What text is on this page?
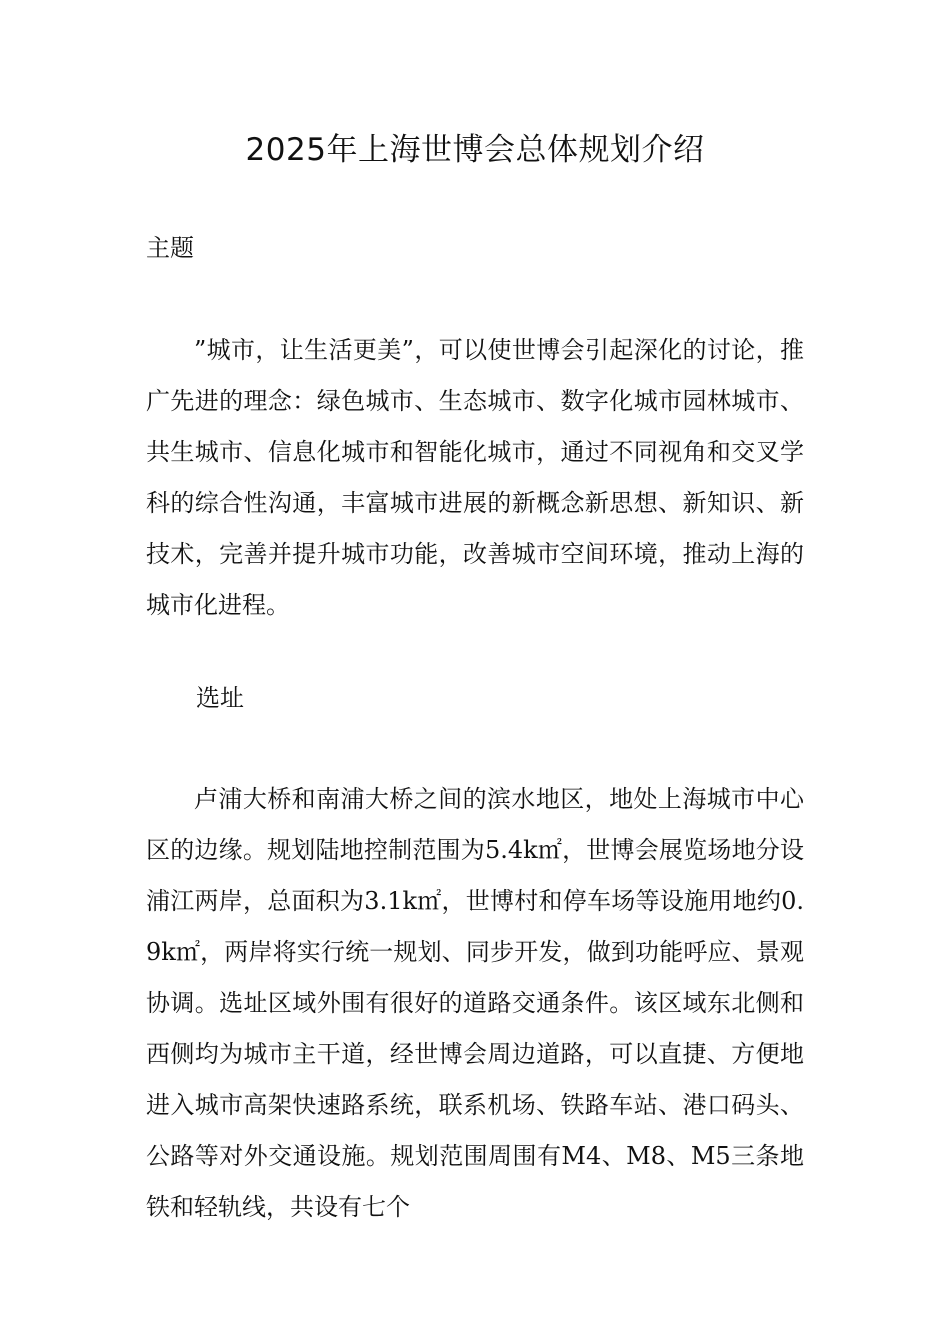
2025年上海世博会总体规划介绍
主题
”城市，让生活更美”，可以使世博会引起深化的讨论，推广先进的理念：绿色城市、生态城市、数字化城市园林城市、共生城市、信息化城市和智能化城市，通过不同视角和交叉学科的综合性沟通，丰富城市进展的新概念新思想、新知识、新技术，完善并提升城市功能，改善城市空间环境，推动上海的城市化进程。
选址
卢浦大桥和南浦大桥之间的滨水地区，地处上海城市中心区的边缘。规划陆地控制范围为5.4k㎡，世博会展览场地分设浦江两岸，总面积为3.1k㎡，世博村和停车场等设施用地约0.9k㎡，两岸将实行统一规划、同步开发，做到功能呼应、景观协调。选址区域外围有很好的道路交通条件。该区域东北侧和西侧均为城市主干道，经世博会周边道路，可以直捷、方便地进入城市高架快速路系统，联系机场、铁路车站、港口码头、公路等对外交通设施。规划范围周围有M4、M8、M5三条地铁和轻轨线，共设有七个
